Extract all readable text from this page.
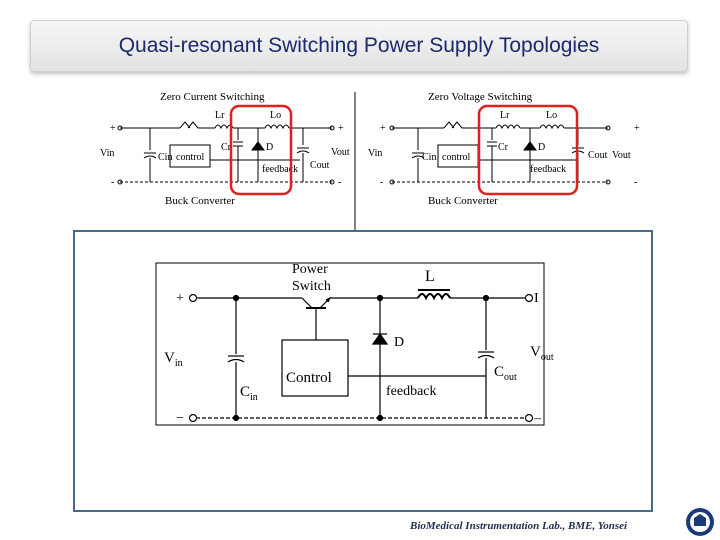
Quasi-resonant Switching Power Supply Topologies
Zero Current Switching
Lr	Lo
Cr	D
Cin control
feedback Cout
Vin	Vout
+
-
+
-
Buck Converter
Zero Voltage Switching
Lr	Lo
Cr	D
Cin control
feedback
Cout
Vin	Vout
+
-
+
-
Buck Converter
Power
Switch
L
D
+
−
I
–
$V_{in}$
$C_{in}$
Control
feedback
$V_{out}$
$C_{out}$
BioMedical Instrumentation Lab., BME, Yonsei
